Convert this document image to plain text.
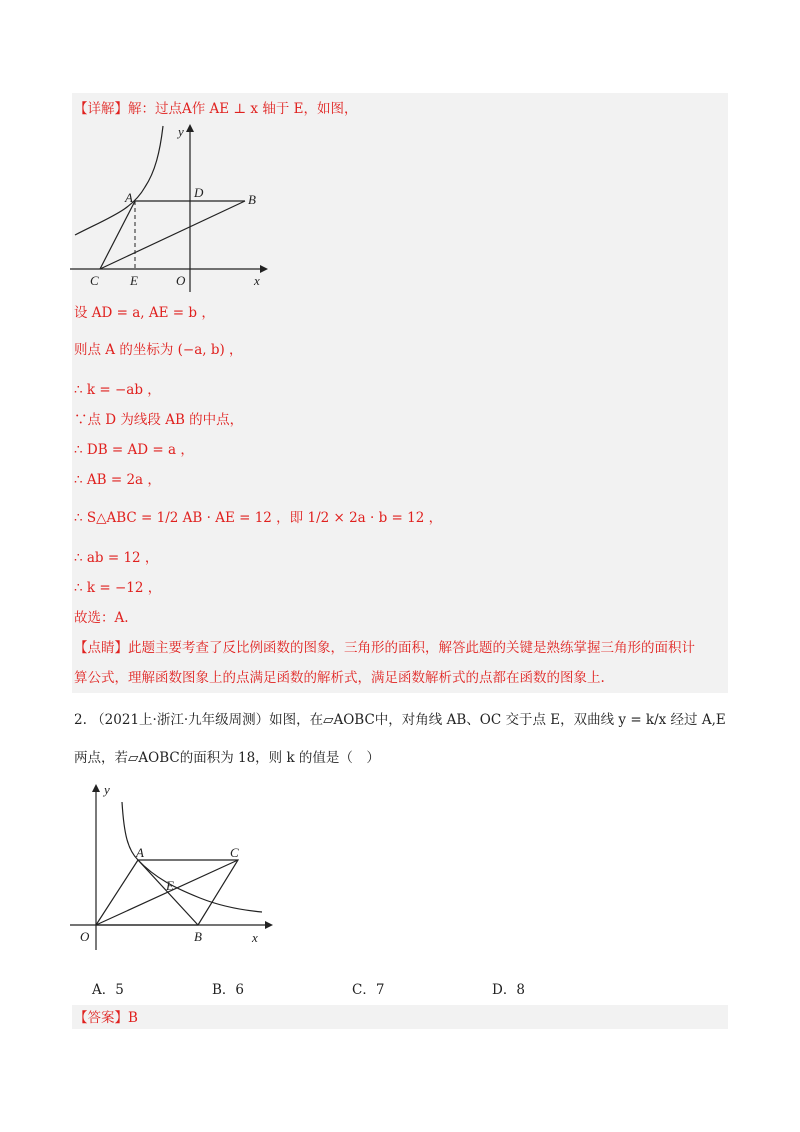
【详解】解：过点A作 AE ⊥ x 轴于 E，如图，
y
x
A	D	B
C E	O
设 AD = a, AE = b ，
则点 A 的坐标为 (−a, b) ，
∴ k = −ab ，
∵点 D 为线段 AB 的中点，
∴ DB = AD = a ，
∴ AB = 2a ，
∴ S△ABC = 1/2 AB · AE = 12 ，即 1/2 × 2a · b = 12 ，
∴ ab = 12 ，
∴ k = −12 ，
故选：A.
【点睛】此题主要考查了反比例函数的图象，三角形的面积，解答此题的关键是熟练掌握三角形的面积计
算公式，理解函数图象上的点满足函数的解析式，满足函数解析式的点都在函数的图象上.
2. （2021上·浙江·九年级周测）如图，在▱AOBC中，对角线 AB、OC 交于点 E，双曲线 y = k/x 经过 A,E
两点，若▱AOBC的面积为 18，则 k 的值是（　）
y
x
O
A	C
E
B
A．5	B．6	C．7	D．8
【答案】B
